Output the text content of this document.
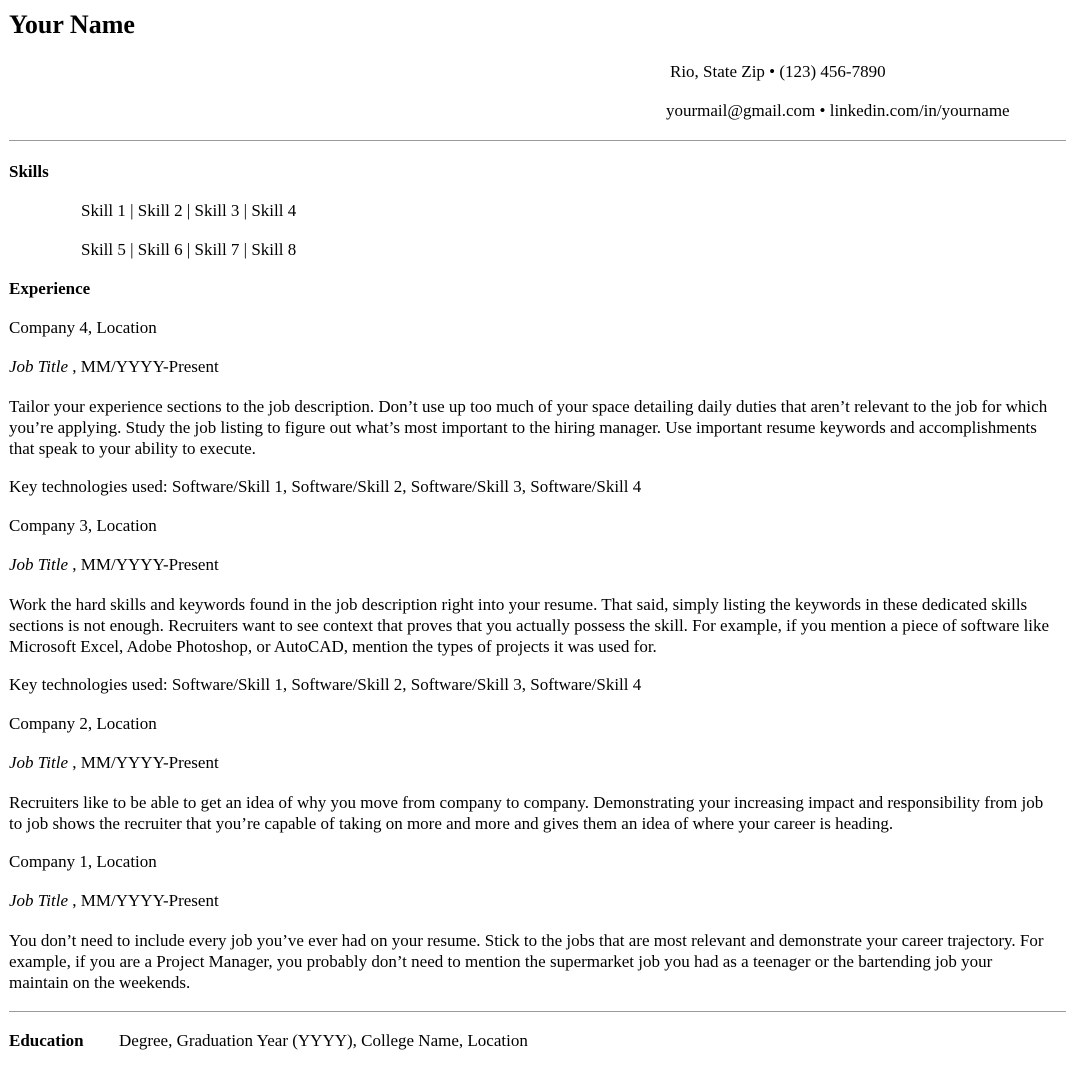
Your Name
Rio, State Zip • (123) 456-7890
yourmail@gmail.com • linkedin.com/in/yourname
Skills
Skill 1 | Skill 2 | Skill 3 | Skill 4
Skill 5 | Skill 6 | Skill 7 | Skill 8
Experience
Company 4, Location
Job Title , MM/YYYY-Present
Tailor your experience sections to the job description. Don’t use up too much of your space detailing daily duties that aren’t relevant to the job for which you’re applying. Study the job listing to figure out what’s most important to the hiring manager. Use important resume keywords and accomplishments that speak to your ability to execute.
Key technologies used: Software/Skill 1, Software/Skill 2, Software/Skill 3, Software/Skill 4
Company 3, Location
Job Title , MM/YYYY-Present
Work the hard skills and keywords found in the job description right into your resume. That said, simply listing the keywords in these dedicated skills sections is not enough. Recruiters want to see context that proves that you actually possess the skill. For example, if you mention a piece of software like Microsoft Excel, Adobe Photoshop, or AutoCAD, mention the types of projects it was used for.
Key technologies used: Software/Skill 1, Software/Skill 2, Software/Skill 3, Software/Skill 4
Company 2, Location
Job Title , MM/YYYY-Present
Recruiters like to be able to get an idea of why you move from company to company. Demonstrating your increasing impact and responsibility from job to job shows the recruiter that you’re capable of taking on more and more and gives them an idea of where your career is heading.
Company 1, Location
Job Title , MM/YYYY-Present
You don’t need to include every job you’ve ever had on your resume. Stick to the jobs that are most relevant and demonstrate your career trajectory. For example, if you are a Project Manager, you probably don’t need to mention the supermarket job you had as a teenager or the bartending job your maintain on the weekends.
Education Degree, Graduation Year (YYYY), College Name, Location
